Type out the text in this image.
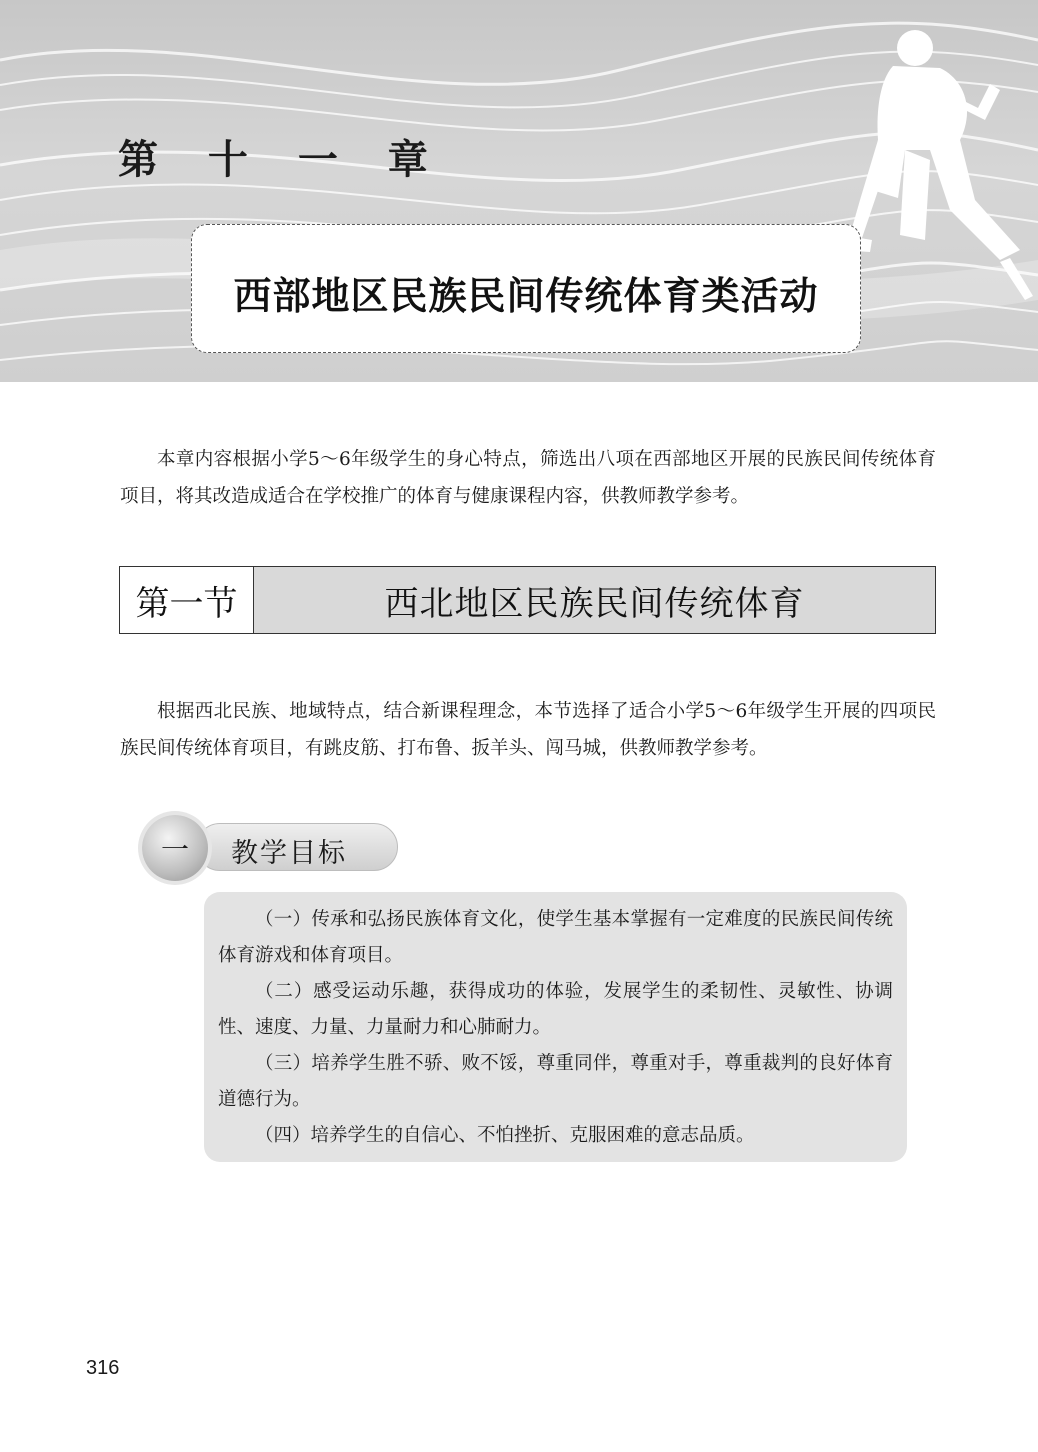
第 十 一 章
西部地区民族民间传统体育类活动

本章内容根据小学5～6年级学生的身心特点，筛选出八项在西部地区开展的民族民间传统体育项目，将其改造成适合在学校推广的体育与健康课程内容，供教师教学参考。

第一节	西北地区民族民间传统体育

根据西北民族、地域特点，结合新课程理念，本节选择了适合小学5～6年级学生开展的四项民族民间传统体育项目，有跳皮筋、打布鲁、扳羊头、闯马城，供教师教学参考。

教学目标
一

（一）传承和弘扬民族体育文化，使学生基本掌握有一定难度的民族民间传统体育游戏和体育项目。

（二）感受运动乐趣，获得成功的体验，发展学生的柔韧性、灵敏性、协调性、速度、力量、力量耐力和心肺耐力。

（三）培养学生胜不骄、败不馁，尊重同伴，尊重对手，尊重裁判的良好体育道德行为。

（四）培养学生的自信心、不怕挫折、克服困难的意志品质。

316
